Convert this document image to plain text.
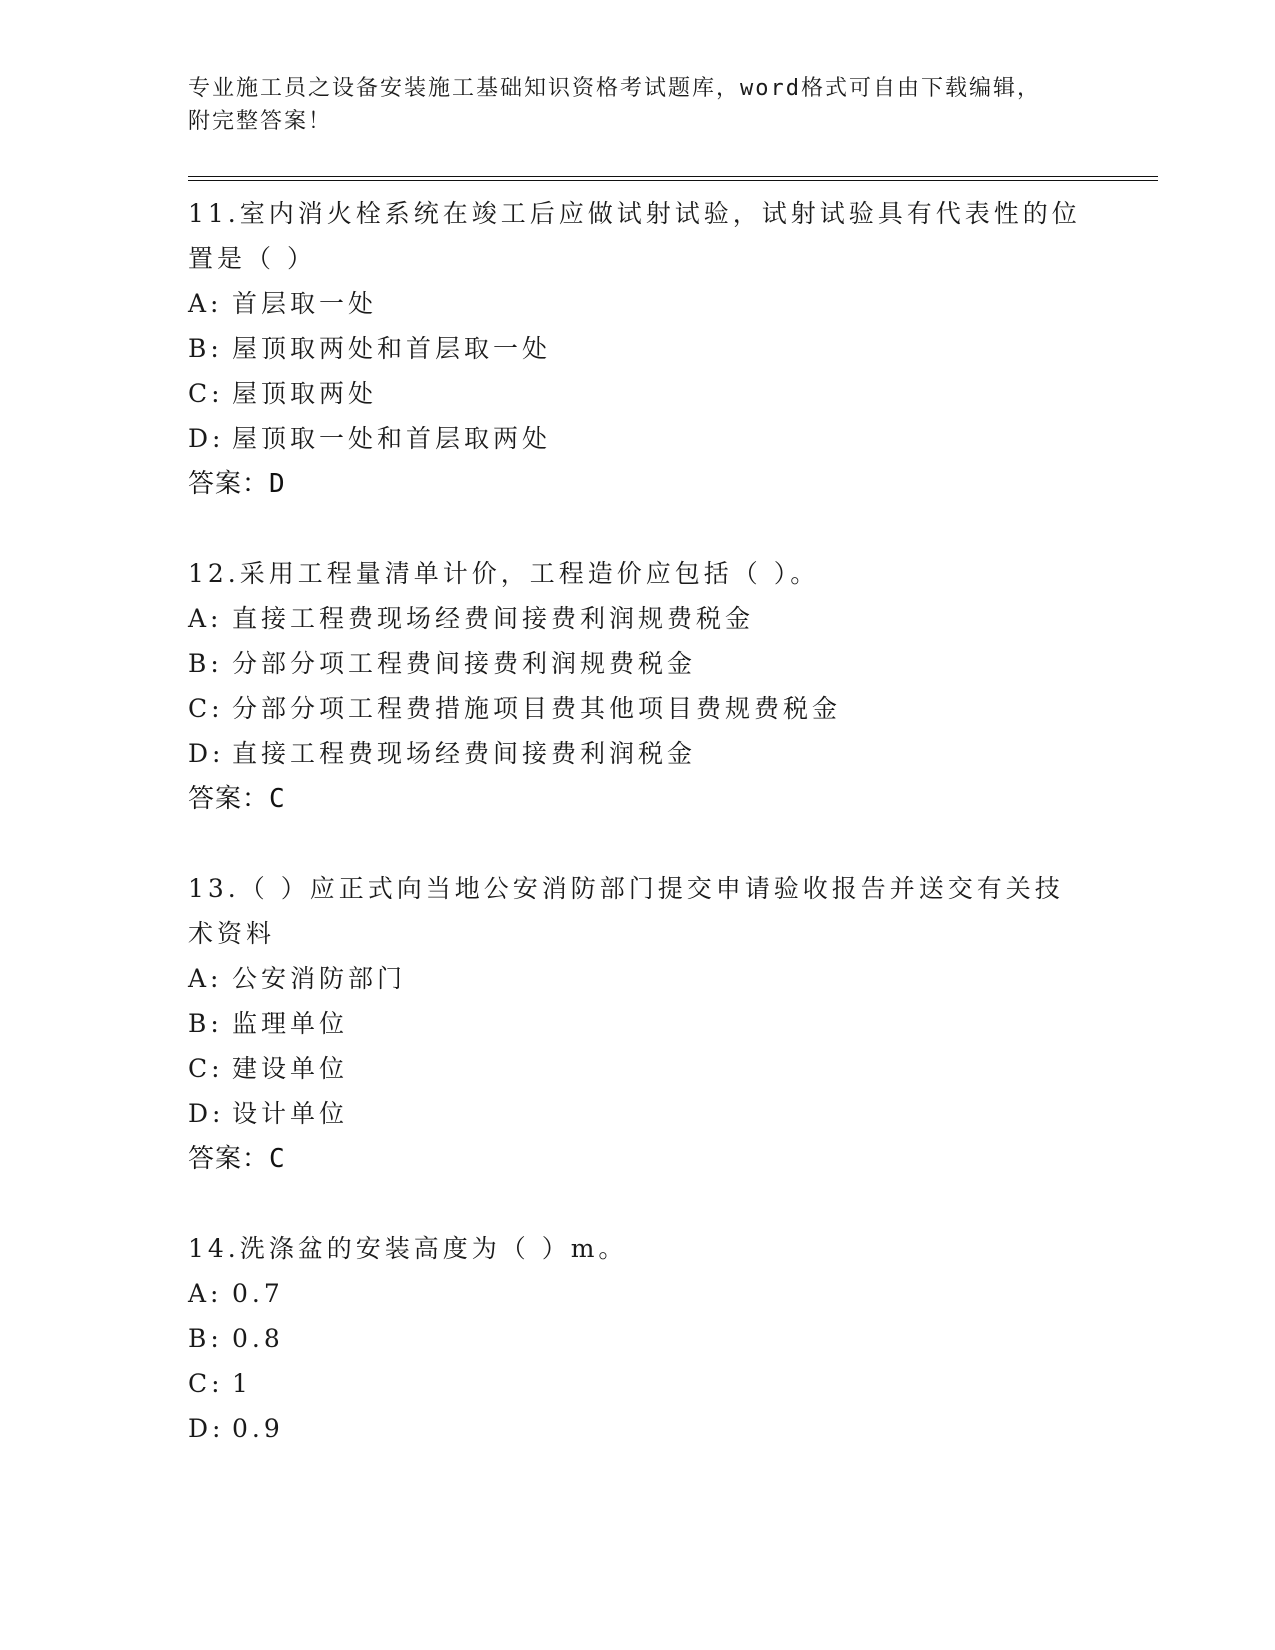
专业施工员之设备安装施工基础知识资格考试题库，word格式可自由下载编辑，
附完整答案！
11.室内消火栓系统在竣工后应做试射试验，试射试验具有代表性的位置是（ ）
A: 首层取一处
B: 屋顶取两处和首层取一处
C: 屋顶取两处
D: 屋顶取一处和首层取两处
答案：D
12.采用工程量清单计价，工程造价应包括（ ）。
A: 直接工程费现场经费间接费利润规费税金
B: 分部分项工程费间接费利润规费税金
C: 分部分项工程费措施项目费其他项目费规费税金
D: 直接工程费现场经费间接费利润税金
答案：C
13.（ ）应正式向当地公安消防部门提交申请验收报告并送交有关技术资料
A: 公安消防部门
B: 监理单位
C: 建设单位
D: 设计单位
答案：C
14.洗涤盆的安装高度为（ ）m。
A: 0.7
B: 0.8
C: 1
D: 0.9
